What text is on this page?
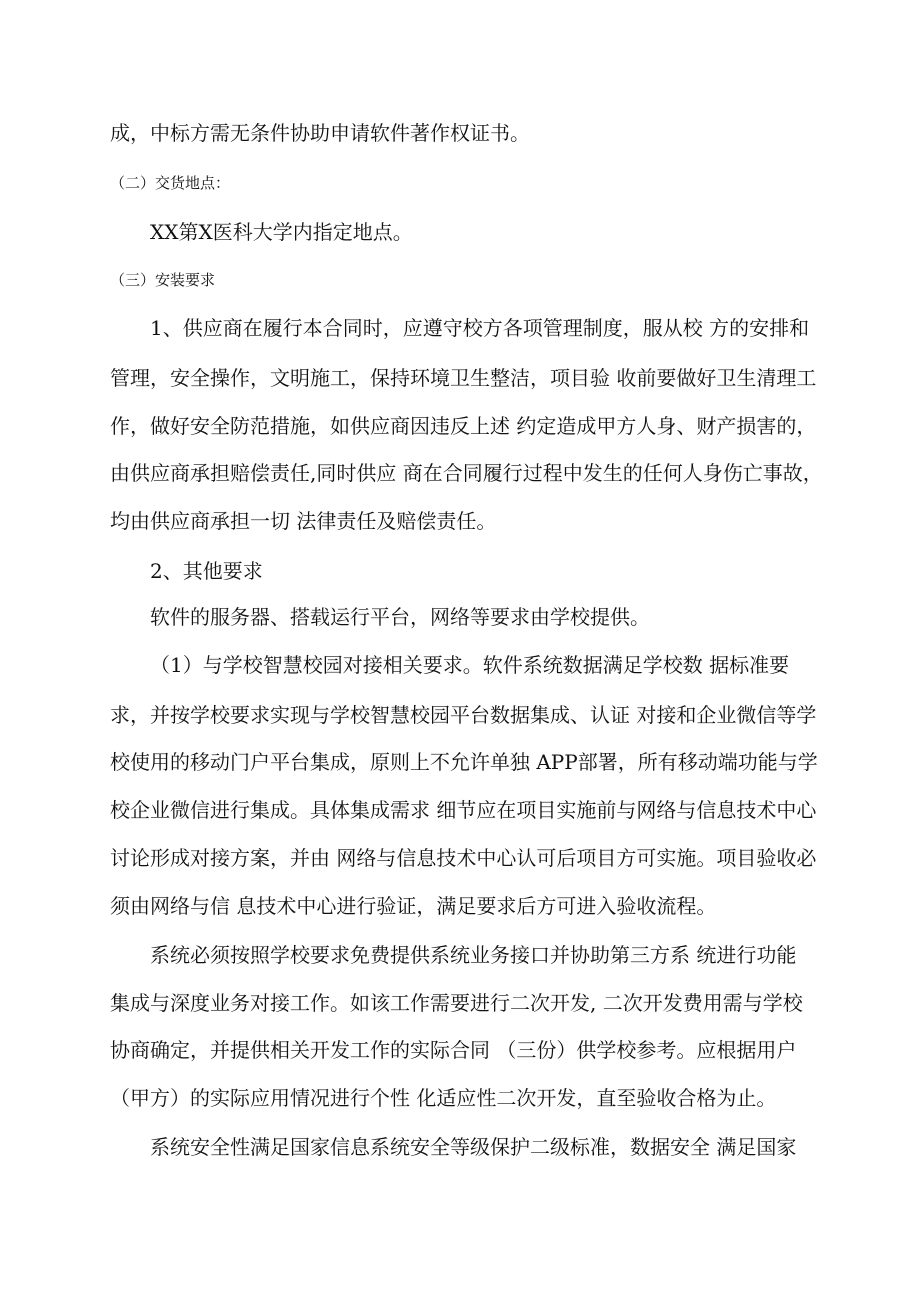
成，中标方需无条件协助申请软件著作权证书。
（二）交货地点：
XX第X医科大学内指定地点。
（三）安装要求
1、供应商在履行本合同时，应遵守校方各项管理制度，服从校 方的安排和
管理，安全操作，文明施工，保持环境卫生整洁，项目验 收前要做好卫生清理工
作，做好安全防范措施，如供应商因违反上述 约定造成甲方人身、财产损害的，
由供应商承担赔偿责任,同时供应 商在合同履行过程中发生的任何人身伤亡事故，
均由供应商承担一切 法律责任及赔偿责任。
2、其他要求
软件的服务器、搭载运行平台，网络等要求由学校提供。
（1）与学校智慧校园对接相关要求。软件系统数据满足学校数 据标准要
求，并按学校要求实现与学校智慧校园平台数据集成、认证 对接和企业微信等学
校使用的移动门户平台集成，原则上不允许单独 APP部署，所有移动端功能与学
校企业微信进行集成。具体集成需求 细节应在项目实施前与网络与信息技术中心
讨论形成对接方案，并由 网络与信息技术中心认可后项目方可实施。项目验收必
须由网络与信 息技术中心进行验证，满足要求后方可进入验收流程。
系统必须按照学校要求免费提供系统业务接口并协助第三方系 统进行功能
集成与深度业务对接工作。如该工作需要进行二次开发, 二次开发费用需与学校
协商确定，并提供相关开发工作的实际合同 （三份）供学校参考。应根据用户
（甲方）的实际应用情况进行个性 化适应性二次开发，直至验收合格为止。
系统安全性满足国家信息系统安全等级保护二级标准，数据安全 满足国家
